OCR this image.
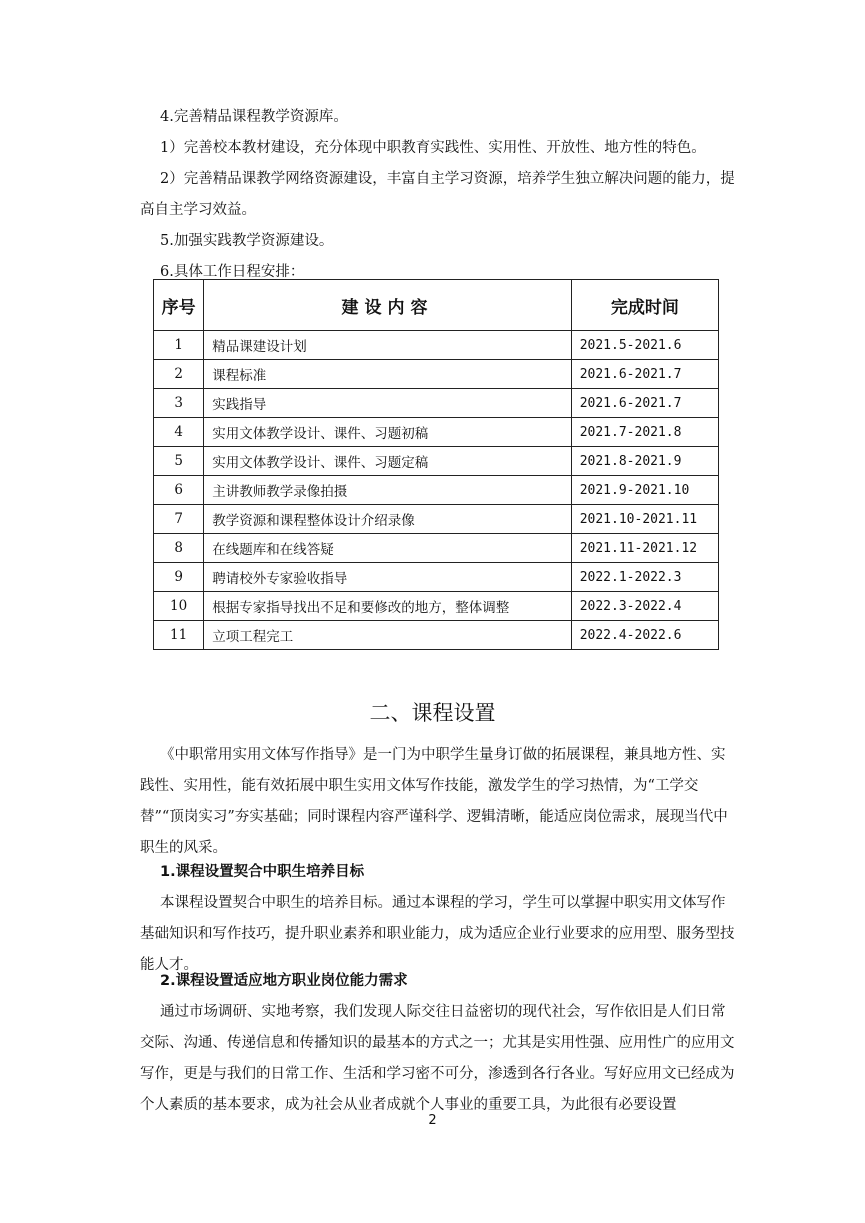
4.完善精品课程教学资源库。

1）完善校本教材建设，充分体现中职教育实践性、实用性、开放性、地方性的特色。

2）完善精品课教学网络资源建设，丰富自主学习资源，培养学生独立解决问题的能力，提高自主学习效益。

5.加强实践教学资源建设。

6.具体工作日程安排：

序号	建设内容	完成时间
1	精品课建设计划	2021.5-2021.6
2	课程标准	2021.6-2021.7
3	实践指导	2021.6-2021.7
4	实用文体教学设计、课件、习题初稿	2021.7-2021.8
5	实用文体教学设计、课件、习题定稿	2021.8-2021.9
6	主讲教师教学录像拍摄	2021.9-2021.10
7	教学资源和课程整体设计介绍录像	2021.10-2021.11
8	在线题库和在线答疑	2021.11-2021.12
9	聘请校外专家验收指导	2022.1-2022.3
10	根据专家指导找出不足和要修改的地方，整体调整	2022.3-2022.4
11	立项工程完工	2022.4-2022.6
二、课程设置

《中职常用实用文体写作指导》是一门为中职学生量身订做的拓展课程，兼具地方性、实践性、实用性，能有效拓展中职生实用文体写作技能，激发学生的学习热情，为“工学交替”“顶岗实习”夯实基础；同时课程内容严谨科学、逻辑清晰，能适应岗位需求，展现当代中职生的风采。

1.课程设置契合中职生培养目标

本课程设置契合中职生的培养目标。通过本课程的学习，学生可以掌握中职实用文体写作基础知识和写作技巧，提升职业素养和职业能力，成为适应企业行业要求的应用型、服务型技能人才。

2.课程设置适应地方职业岗位能力需求

通过市场调研、实地考察，我们发现人际交往日益密切的现代社会，写作依旧是人们日常交际、沟通、传递信息和传播知识的最基本的方式之一；尤其是实用性强、应用性广的应用文写作，更是与我们的日常工作、生活和学习密不可分，渗透到各行各业。写好应用文已经成为个人素质的基本要求，成为社会从业者成就个人事业的重要工具，为此很有必要设置

2
